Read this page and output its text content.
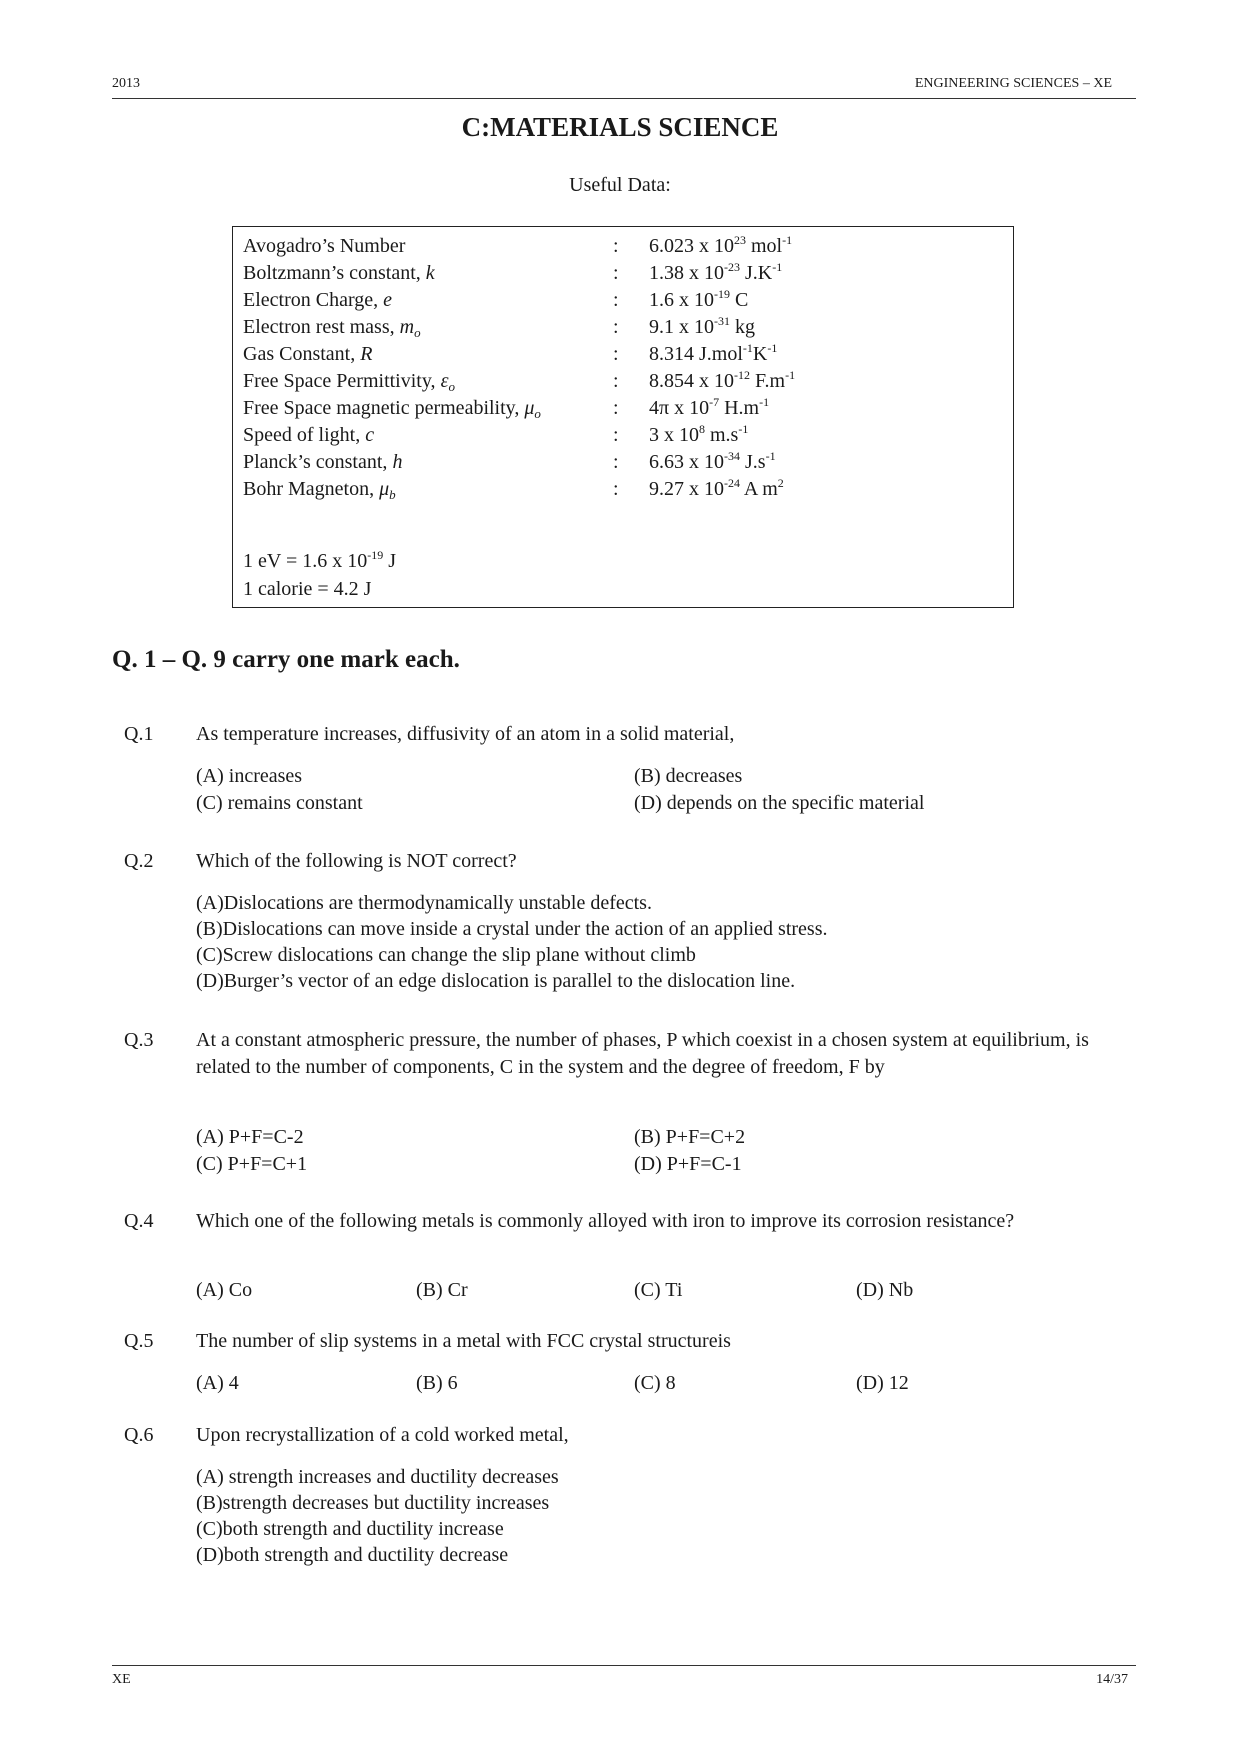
2013	ENGINEERING SCIENCES – XE
C:MATERIALS SCIENCE
Useful Data:
Avogadro’s Number	: 6.023 x $10^{23}$ mol$^{-1}$
Boltzmann’s constant, k	: 1.38 x $10^{-23}$ $J.K^{-1}$
Electron Charge, e	: 1.6 x $10^{-19}$ C
Electron rest mass, $m_o$	: 9.1 x $10^{-31}$ kg
Gas Constant, R	: 8.314 $J.mol^{-1}K^{-1}$
Free Space Permittivity, $\varepsilon_o$	: 8.854 x $10^{-12}$ $F.m^{-1}$
Free Space magnetic permeability, $\mu_o$	: 4π x $10^{-7}$ $H.m^{-1}$
Speed of light, c	: 3 x $10^8$ $m.s^{-1}$
Planck’s constant, h	: 6.63 x $10^{-34}$ $J.s^{-1}$
Bohr Magneton, $\mu_b$	: 9.27 x $10^{-24}$ A $m^2$
1 eV = 1.6 x $10^{-19}$ J
1 calorie = 4.2 J
Q. 1 – Q. 9 carry one mark each.
Q.1 As temperature increases, diffusivity of an atom in a solid material,
(A) increases	(B) decreases
(C) remains constant	(D) depends on the specific material
Q.2 Which of the following is NOT correct?
(A)Dislocations are thermodynamically unstable defects.
(B)Dislocations can move inside a crystal under the action of an applied stress.
(C)Screw dislocations can change the slip plane without climb
(D)Burger’s vector of an edge dislocation is parallel to the dislocation line.
Q.3 At a constant atmospheric pressure, the number of phases, P which coexist in a chosen system at equilibrium, is related to the number of components, C in the system and the degree of freedom, F by
(A) P+F=C-2	(B) P+F=C+2
(C) P+F=C+1	(D) P+F=C-1
Q.4 Which one of the following metals is commonly alloyed with iron to improve its corrosion resistance?
(A) Co	(B) Cr	(C) Ti	(D) Nb
Q.5 The number of slip systems in a metal with FCC crystal structureis
(A) 4	(B) 6	(C) 8	(D) 12
Q.6 Upon recrystallization of a cold worked metal,
(A) strength increases and ductility decreases
(B)strength decreases but ductility increases
(C)both strength and ductility increase
(D)both strength and ductility decrease
XE	14/37
